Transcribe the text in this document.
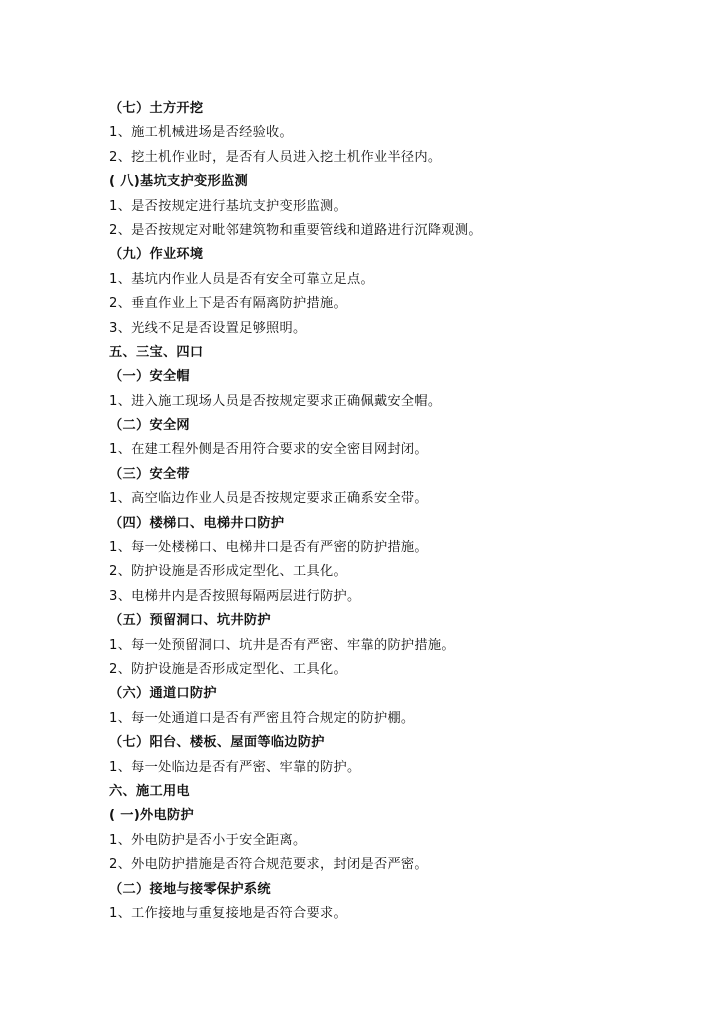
（七）土方开挖
1、施工机械进场是否经验收。
2、挖土机作业时，是否有人员进入挖土机作业半径内。
( 八)基坑支护变形监测
1、是否按规定进行基坑支护变形监测。
2、是否按规定对毗邻建筑物和重要管线和道路进行沉降观测。
（九）作业环境
1、基坑内作业人员是否有安全可靠立足点。
2、垂直作业上下是否有隔离防护措施。
3、光线不足是否设置足够照明。
五、三宝、四口
（一）安全帽
1、进入施工现场人员是否按规定要求正确佩戴安全帽。
（二）安全网
1、在建工程外侧是否用符合要求的安全密目网封闭。
（三）安全带
1、高空临边作业人员是否按规定要求正确系安全带。
（四）楼梯口、电梯井口防护
1、每一处楼梯口、电梯井口是否有严密的防护措施。
2、防护设施是否形成定型化、工具化。
3、电梯井内是否按照每隔两层进行防护。
（五）预留洞口、坑井防护
1、每一处预留洞口、坑井是否有严密、牢靠的防护措施。
2、防护设施是否形成定型化、工具化。
（六）通道口防护
1、每一处通道口是否有严密且符合规定的防护棚。
（七）阳台、楼板、屋面等临边防护
1、每一处临边是否有严密、牢靠的防护。
六、施工用电
( 一)外电防护
1、外电防护是否小于安全距离。
2、外电防护措施是否符合规范要求，封闭是否严密。
（二）接地与接零保护系统
1、工作接地与重复接地是否符合要求。
